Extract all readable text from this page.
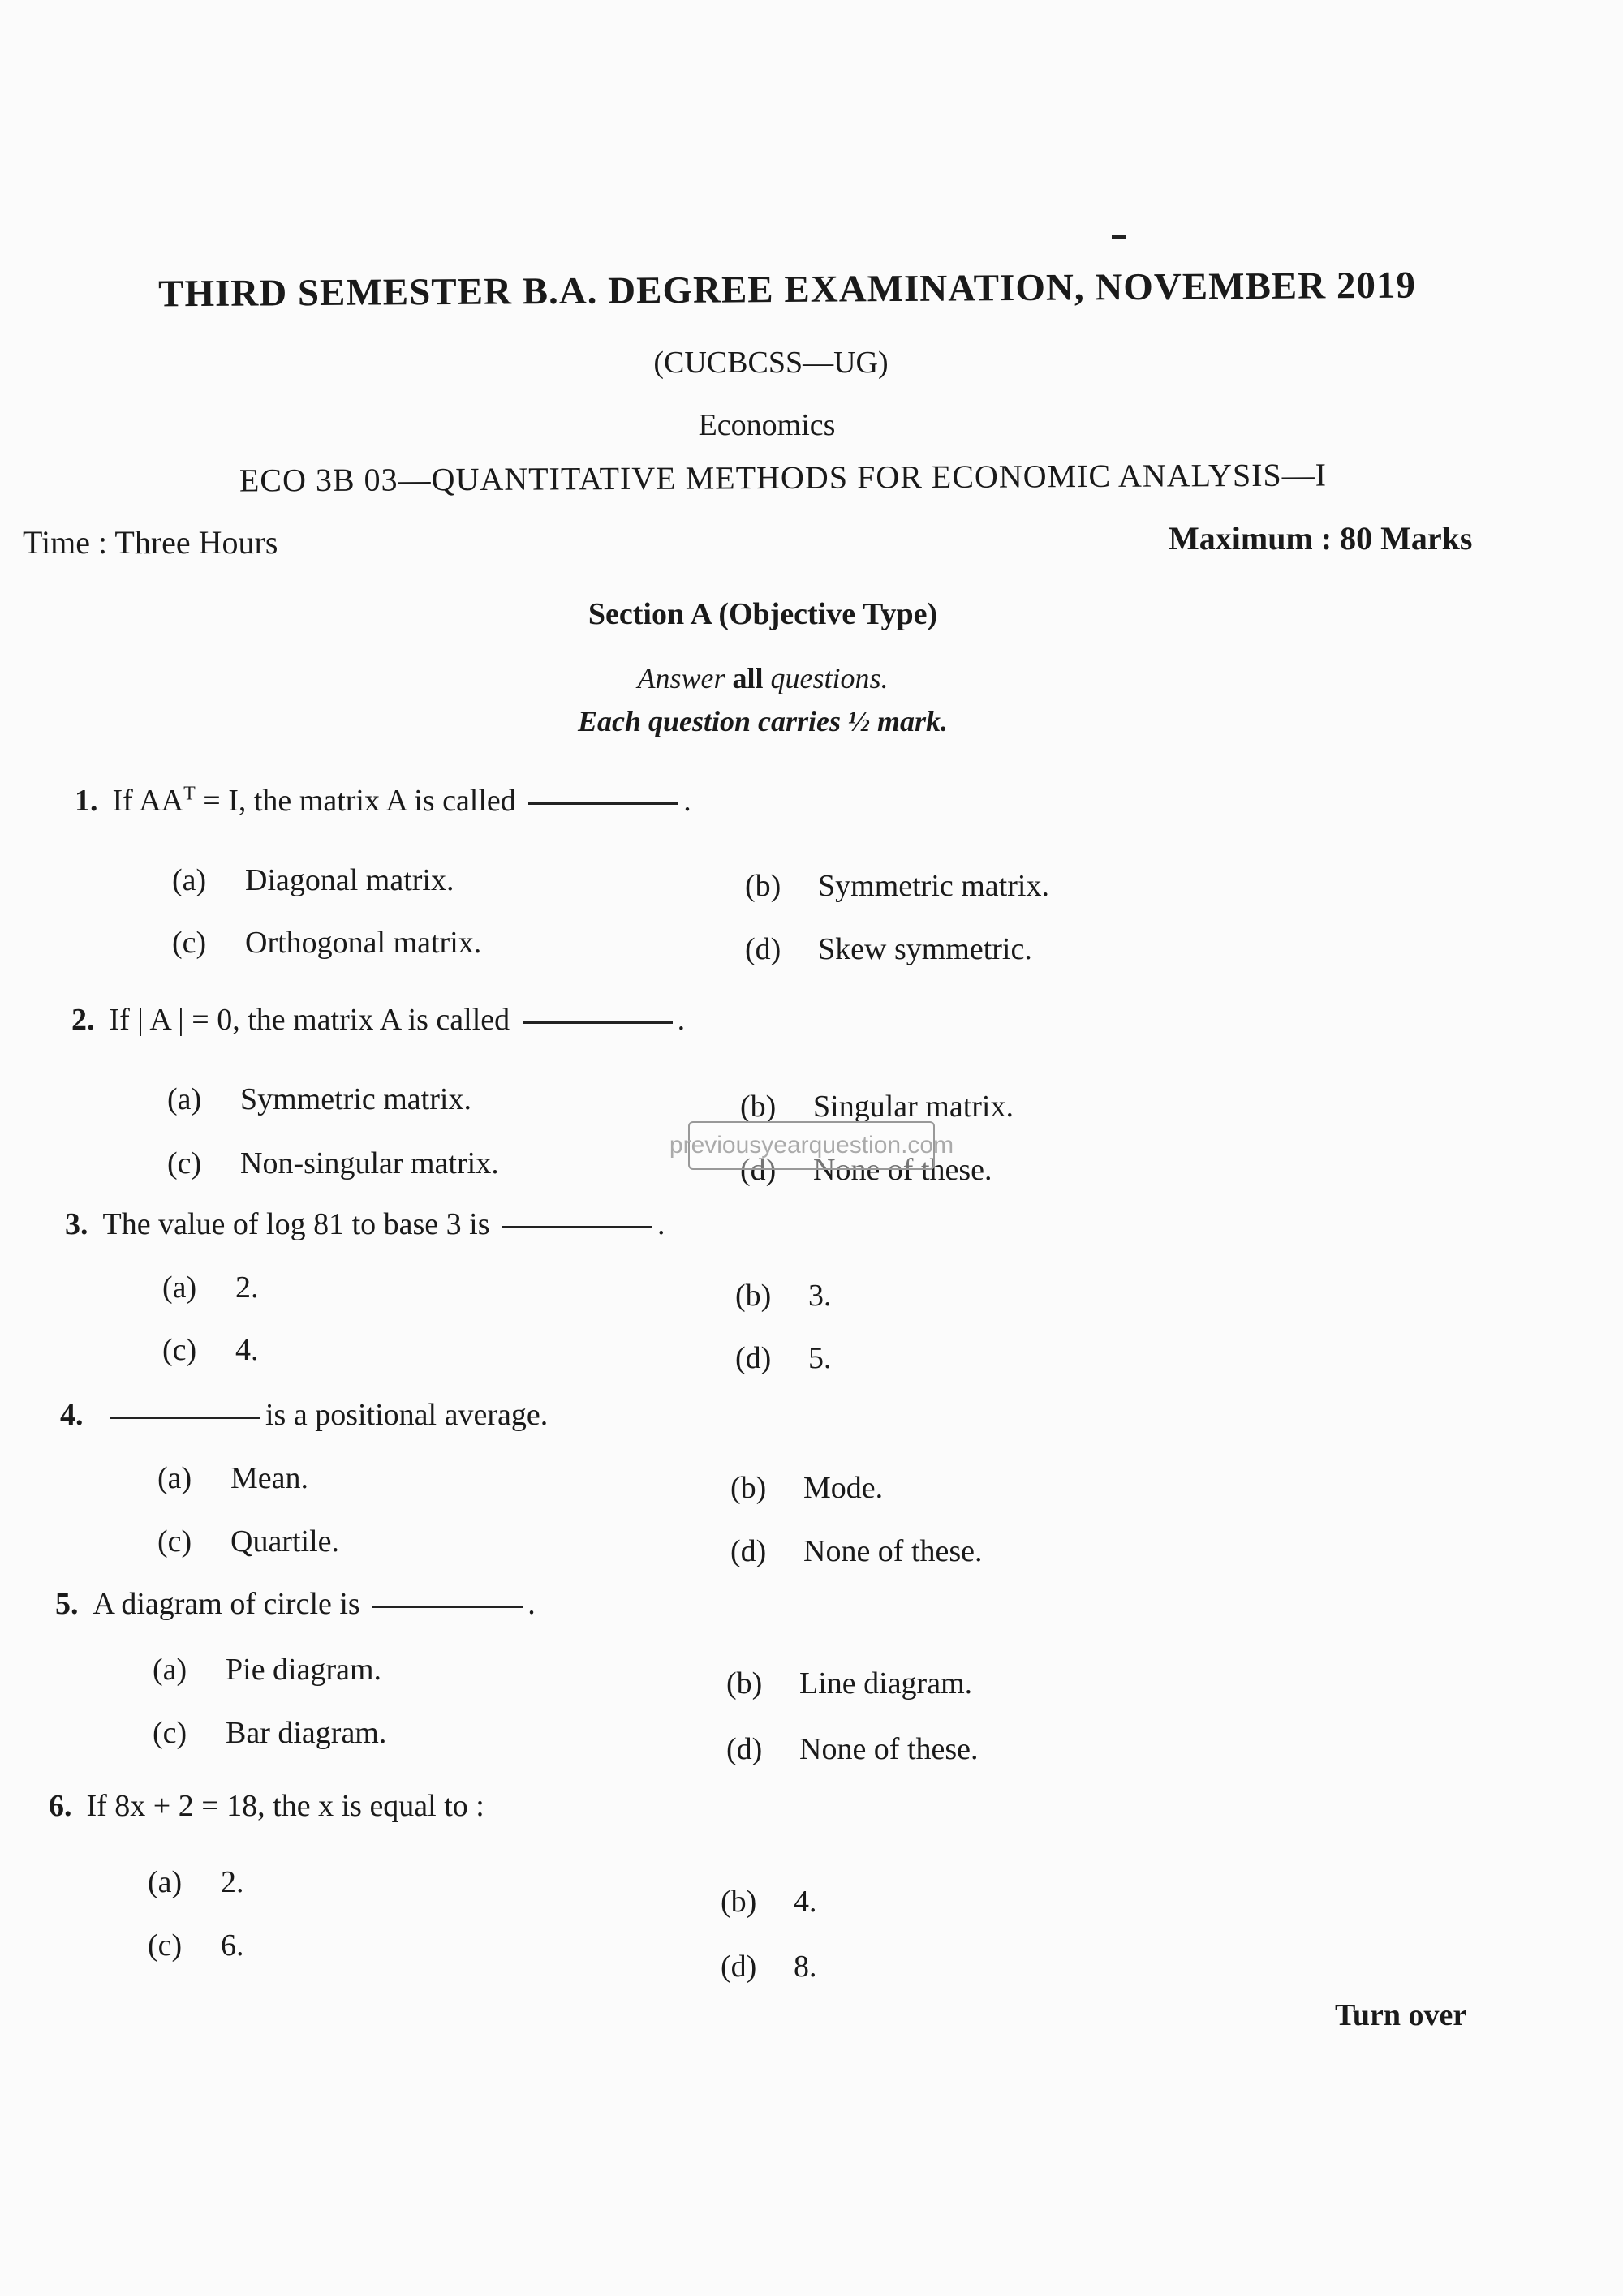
THIRD SEMESTER B.A. DEGREE EXAMINATION, NOVEMBER 2019
(CUCBCSS—UG)
Economics
ECO 3B 03—QUANTITATIVE METHODS FOR ECONOMIC ANALYSIS—I
Time : Three Hours	Maximum : 80 Marks
Section A (Objective Type)
Answer all questions.
Each question carries ½ mark.
1. If $AA^T = I$, the matrix A is called	.
(a) Diagonal matrix.	(b) Symmetric matrix.
(c) Orthogonal matrix.	(d) Skew symmetric.
2. If | A | = 0, the matrix A is called	.
(a) Symmetric matrix.	(b) Singular matrix.
(c) Non-singular matrix.	(d) None of these.
3. The value of log 81 to base 3 is	.
(a) 2.	(b) 3.
(c) 4.	(d) 5.
4.	is a positional average.
(a) Mean.	(b) Mode.
(c) Quartile.	(d) None of these.
5. A diagram of circle is	.
(a) Pie diagram.	(b) Line diagram.
(c) Bar diagram.	(d) None of these.
6. If 8x + 2 = 18, the x is equal to :
(a) 2.
(b) 4.
(c) 6.
(d) 8.
previousyearquestion.com
Turn over
